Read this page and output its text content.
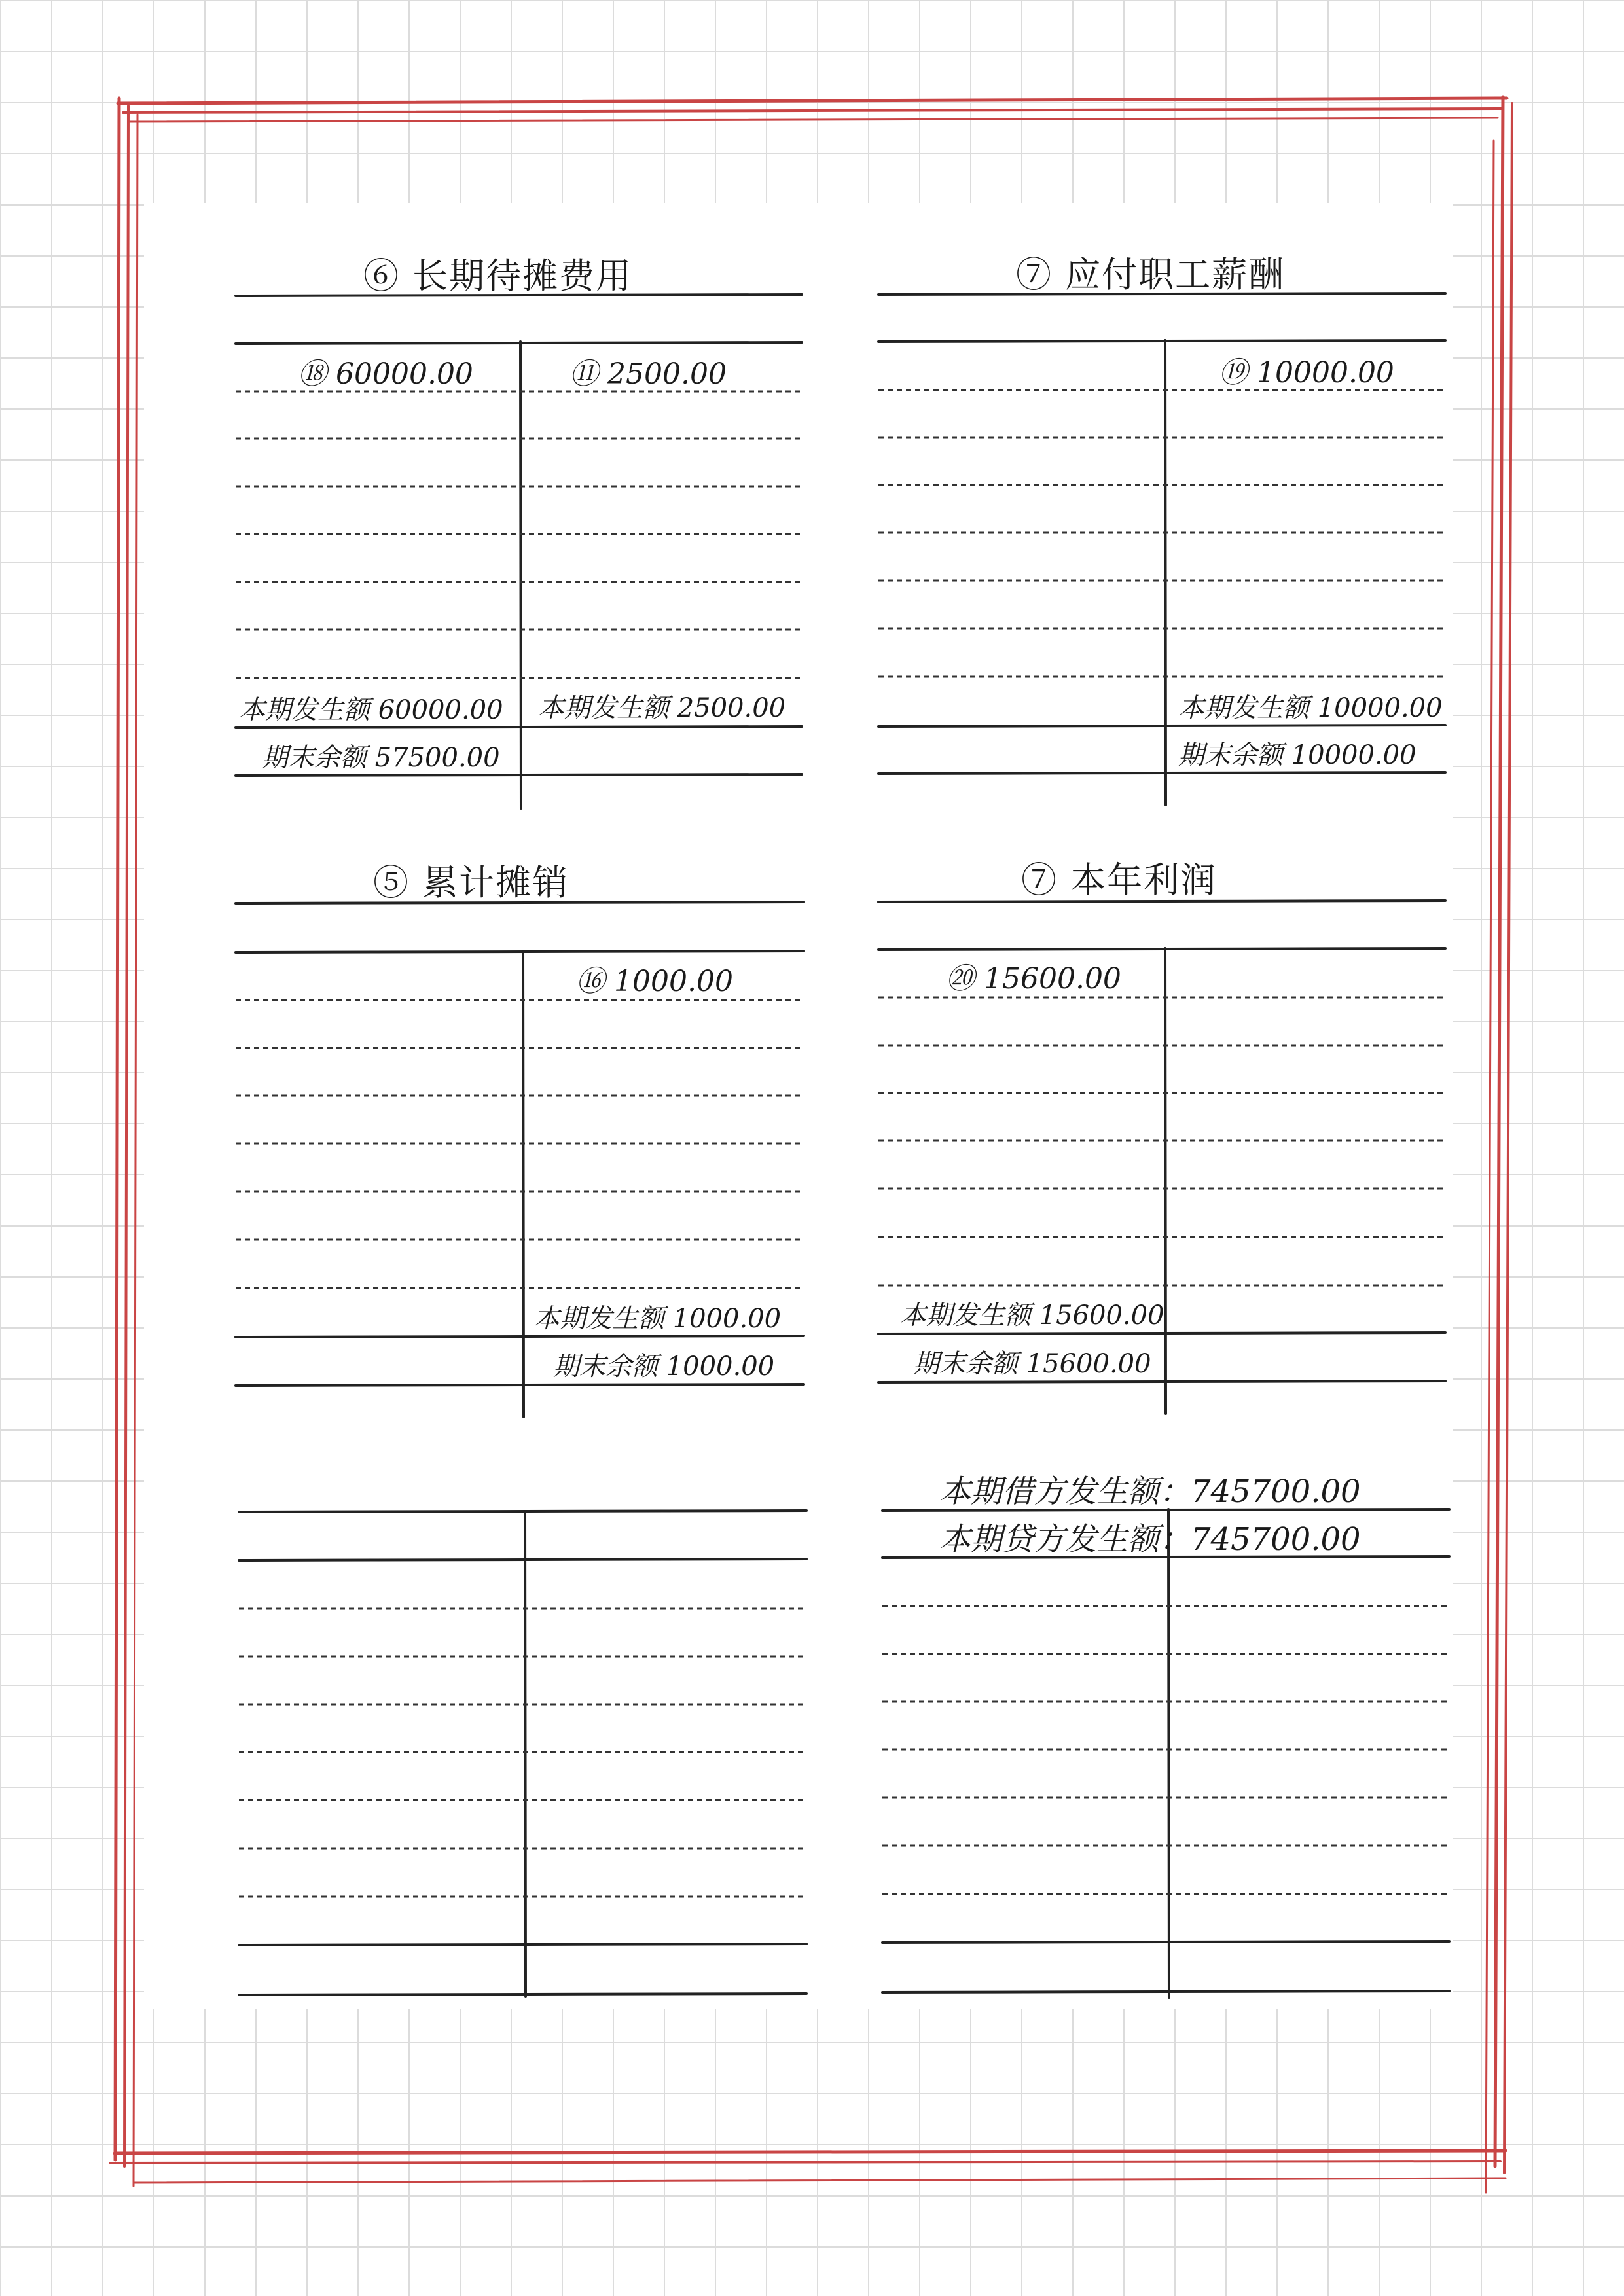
⑥ 长期待摊费用
⑱ 60000.00	⑪ 2500.00
本期发生额 60000.00 本期发生额 2500.00
期末余额 57500.00
⑦ 应付职工薪酬
⑲ 10000.00
本期发生额 10000.00
期末余额 10000.00
⑤ 累计摊销
⑯ 1000.00
本期发生额 1000.00
期末余额 1000.00
⑦ 本年利润
⑳ 15600.00
本期发生额 15600.00
期末余额 15600.00
本期借方发生额：745700.00
本期贷方发生额：745700.00
